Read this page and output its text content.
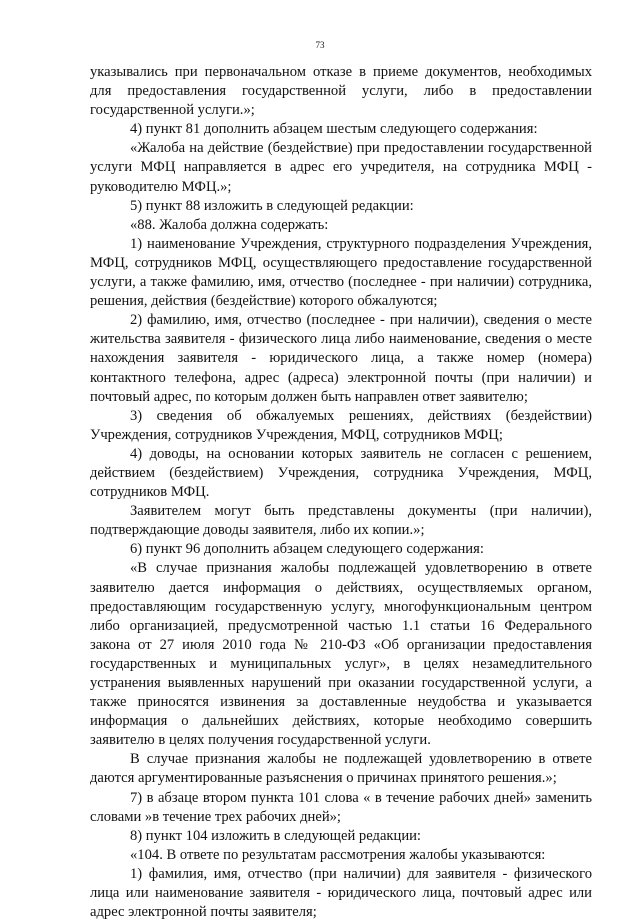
73

указывались при первоначальном отказе в приеме документов, необходимых для предоставления государственной услуги, либо в предоставлении государственной услуги.»;

4) пункт 81 дополнить абзацем шестым следующего содержания:

«Жалоба на действие (бездействие) при предоставлении государственной услуги МФЦ направляется в адрес его учредителя, на сотрудника МФЦ - руководителю МФЦ.»;

5) пункт 88 изложить в следующей редакции:

«88. Жалоба должна содержать:

1) наименование Учреждения, структурного подразделения Учреждения, МФЦ, сотрудников МФЦ, осуществляющего предоставление государственной услуги, а также фамилию, имя, отчество (последнее - при наличии) сотрудника, решения, действия (бездействие) которого обжалуются;

2) фамилию, имя, отчество (последнее - при наличии), сведения о месте жительства заявителя - физического лица либо наименование, сведения о месте нахождения заявителя - юридического лица, а также номер (номера) контактного телефона, адрес (адреса) электронной почты (при наличии) и почтовый адрес, по которым должен быть направлен ответ заявителю;

3) сведения об обжалуемых решениях, действиях (бездействии) Учреждения, сотрудников Учреждения, МФЦ, сотрудников МФЦ;

4) доводы, на основании которых заявитель не согласен с решением, действием (бездействием) Учреждения, сотрудника Учреждения, МФЦ, сотрудников МФЦ.

Заявителем могут быть представлены документы (при наличии), подтверждающие доводы заявителя, либо их копии.»;

6) пункт 96 дополнить абзацем следующего содержания:

«В случае признания жалобы подлежащей удовлетворению в ответе заявителю дается информация о действиях, осуществляемых органом, предоставляющим государственную услугу, многофункциональным центром либо организацией, предусмотренной частью 1.1 статьи 16 Федерального закона от 27 июля 2010 года № 210-ФЗ «Об организации предоставления государственных и муниципальных услуг», в целях незамедлительного устранения выявленных нарушений при оказании государственной услуги, а также приносятся извинения за доставленные неудобства и указывается информация о дальнейших действиях, которые необходимо совершить заявителю в целях получения государственной услуги.

В случае признания жалобы не подлежащей удовлетворению в ответе даются аргументированные разъяснения о причинах принятого решения.»;

7) в абзаце втором пункта 101 слова « в течение рабочих дней» заменить словами »в течение трех рабочих дней»;

8) пункт 104 изложить в следующей редакции:

«104. В ответе по результатам рассмотрения жалобы указываются:

1) фамилия, имя, отчество (при наличии) для заявителя - физического лица или наименование заявителя - юридического лица, почтовый адрес или адрес электронной почты заявителя;
